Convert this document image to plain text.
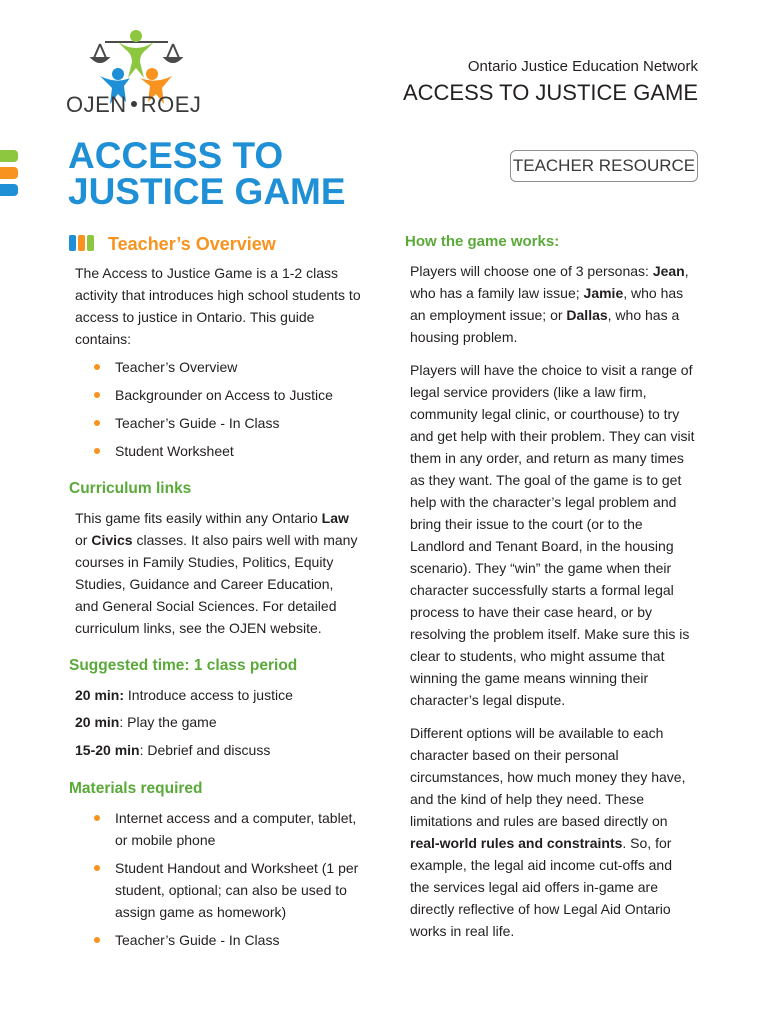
OJEN ROEJ
Ontario Justice Education Network
ACCESS TO JUSTICE GAME
ACCESS TO
JUSTICE GAME
TEACHER RESOURCE
Teacher’s Overview
The Access to Justice Game is a 1-2 class activity that introduces high school students to access to justice in Ontario. This guide contains:
Teacher’s Overview
Backgrounder on Access to Justice
Teacher’s Guide - In Class
Student Worksheet
Curriculum links
This game fits easily within any Ontario Law or Civics classes. It also pairs well with many courses in Family Studies, Politics, Equity Studies, Guidance and Career Education, and General Social Sciences. For detailed curriculum links, see the OJEN website.
Suggested time: 1 class period
20 min: Introduce access to justice
20 min: Play the game
15-20 min: Debrief and discuss
Materials required
Internet access and a computer, tablet, or mobile phone
Student Handout and Worksheet (1 per student, optional; can also be used to assign game as homework)
Teacher’s Guide - In Class
How the game works:
Players will choose one of 3 personas: Jean, who has a family law issue; Jamie, who has an employment issue; or Dallas, who has a housing problem.
Players will have the choice to visit a range of legal service providers (like a law firm, community legal clinic, or courthouse) to try and get help with their problem. They can visit them in any order, and return as many times as they want. The goal of the game is to get help with the character’s legal problem and bring their issue to the court (or to the Landlord and Tenant Board, in the housing scenario). They “win” the game when their character successfully starts a formal legal process to have their case heard, or by resolving the problem itself. Make sure this is clear to students, who might assume that winning the game means winning their character’s legal dispute.
Different options will be available to each character based on their personal circumstances, how much money they have, and the kind of help they need. These limitations and rules are based directly on real-world rules and constraints. So, for example, the legal aid income cut-offs and the services legal aid offers in-game are directly reflective of how Legal Aid Ontario works in real life.
